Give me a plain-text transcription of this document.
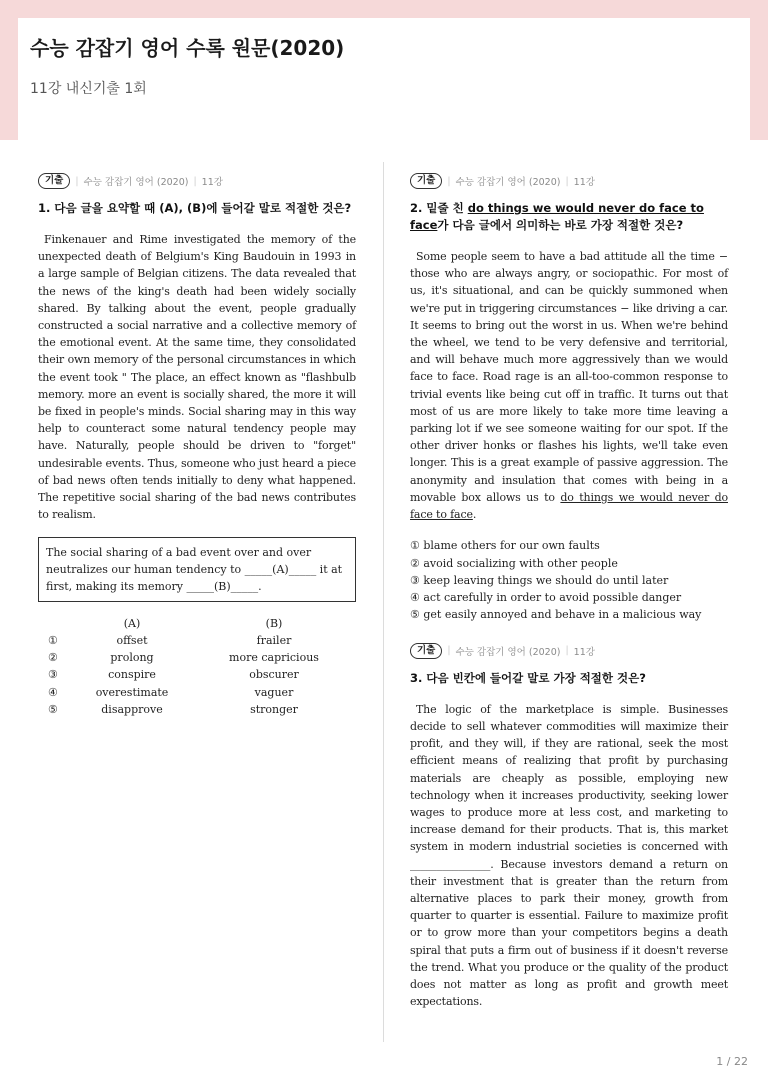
수능 감잡기 영어 수록 원문(2020)
11강 내신기출 1회
기출	| 수능 감잡기 영어 (2020) | 11강
1. 다음 글을 요약할 때 (A), (B)에 들어갈 말로 적절한 것은?

Finkenauer and Rime investigated the memory of the unexpected death of Belgium's King Baudouin in 1993 in a large sample of Belgian citizens. The data revealed that the news of the king's death had been widely socially shared. By talking about the event, people gradually constructed a social narrative and a collective memory of the emotional event. At the same time, they consolidated their own memory of the personal circumstances in which the event took " The place, an effect known as "flashbulb memory. more an event is socially shared, the more it will be fixed in people's minds. Social sharing may in this way help to counteract some natural tendency people may have. Naturally, people should be driven to "forget" undesirable events. Thus, someone who just heard a piece of bad news often tends initially to deny what happened. The repetitive social sharing of the bad news contributes to realism.

The social sharing of a bad event over and over neutralizes our human tendency to _____(A)_____ it at first, making its memory _____(B)_____.
	(A)	(B)
①	offset	frailer
②	prolong	more capricious
③	conspire	obscurer
④	overestimate	vaguer
⑤	disapprove	stronger
기출	| 수능 감잡기 영어 (2020) | 11강
2. 밑줄 친 do things we would never do face to face가 다음 글에서 의미하는 바로 가장 적절한 것은?

Some people seem to have a bad attitude all the time − those who are always angry, or sociopathic. For most of us, it's situational, and can be quickly summoned when we're put in triggering circumstances − like driving a car. It seems to bring out the worst in us. When we're behind the wheel, we tend to be very defensive and territorial, and will behave much more aggressively than we would face to face. Road rage is an all-too-common response to trivial events like being cut off in traffic. It turns out that most of us are more likely to take more time leaving a parking lot if we see someone waiting for our spot. If the other driver honks or flashes his lights, we'll take even longer. This is a great example of passive aggression. The anonymity and insulation that comes with being in a movable box allows us to do things we would never do face to face.

① blame others for our own faults
② avoid socializing with other people
③ keep leaving things we should do until later
④ act carefully in order to avoid possible danger
⑤ get easily annoyed and behave in a malicious way
기출	| 수능 감잡기 영어 (2020) | 11강
3. 다음 빈칸에 들어갈 말로 가장 적절한 것은?

The logic of the marketplace is simple. Businesses decide to sell whatever commodities will maximize their profit, and they will, if they are rational, seek the most efficient means of realizing that profit by purchasing materials are cheaply as possible, employing new technology when it increases productivity, seeking lower wages to produce more at less cost, and marketing to increase demand for their products. That is, this market system in modern industrial societies is concerned with _______________. Because investors demand a return on their investment that is greater than the return from alternative places to park their money, growth from quarter to quarter is essential. Failure to maximize profit or to grow more than your competitors begins a death spiral that puts a firm out of business if it doesn't reverse the trend. What you produce or the quality of the product does not matter as long as profit and growth meet expectations.

1 / 22
